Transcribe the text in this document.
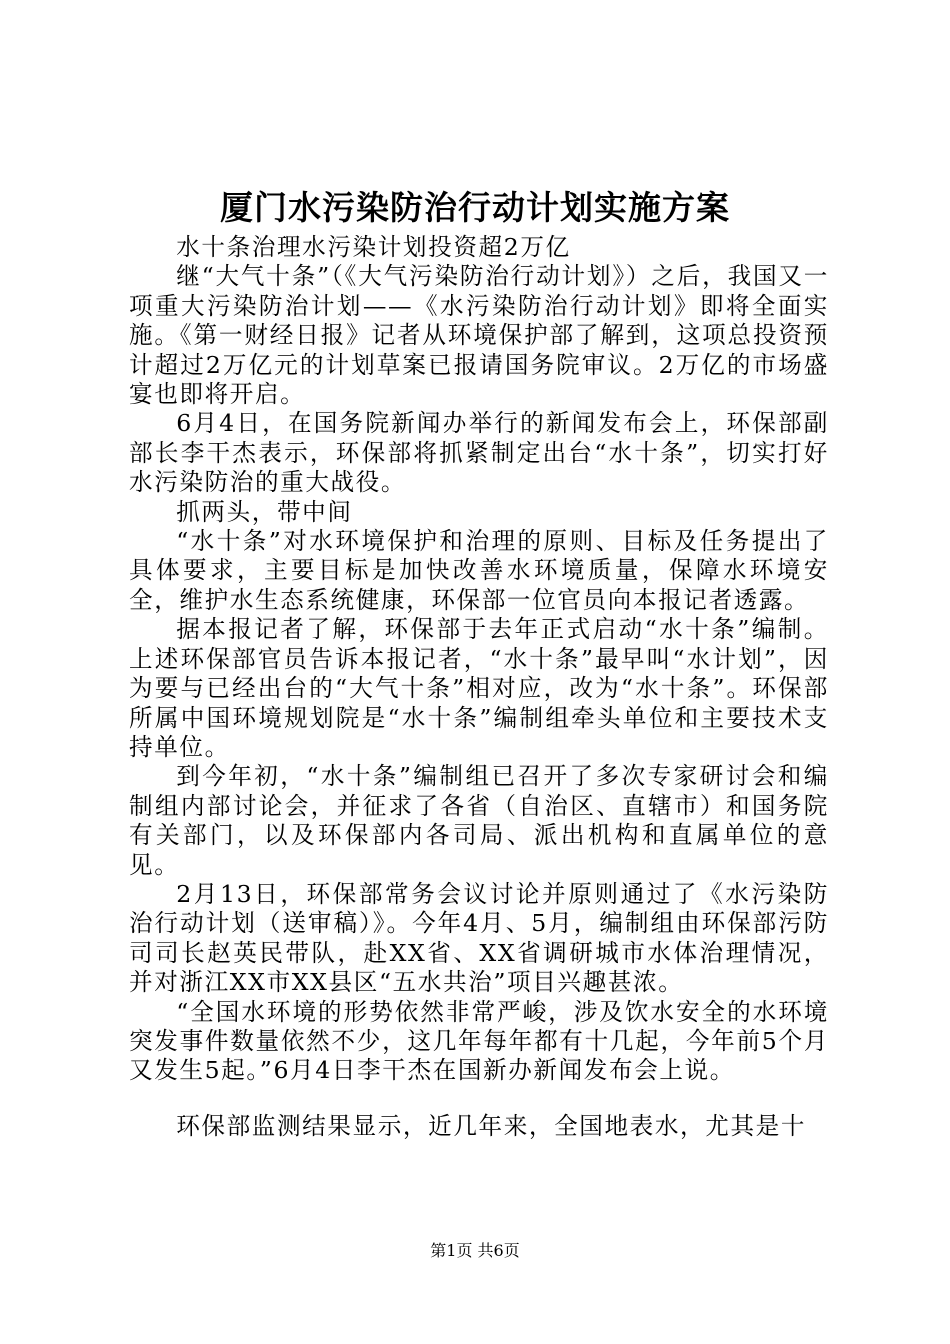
厦门水污染防治行动计划实施方案

水十条治理水污染计划投资超2万亿

继“大气十条”（《大气污染防治行动计划》）之后，我国又一项重大污染防治计划——《水污染防治行动计划》即将全面实施。《第一财经日报》记者从环境保护部了解到，这项总投资预计超过2万亿元的计划草案已报请国务院审议。2万亿的市场盛宴也即将开启。

6月4日，在国务院新闻办举行的新闻发布会上，环保部副部长李干杰表示，环保部将抓紧制定出台“水十条”，切实打好水污染防治的重大战役。

抓两头，带中间

“水十条”对水环境保护和治理的原则、目标及任务提出了具体要求，主要目标是加快改善水环境质量，保障水环境安全，维护水生态系统健康，环保部一位官员向本报记者透露。

据本报记者了解，环保部于去年正式启动“水十条”编制。上述环保部官员告诉本报记者，“水十条”最早叫“水计划”，因为要与已经出台的“大气十条”相对应，改为“水十条”。环保部所属中国环境规划院是“水十条”编制组牵头单位和主要技术支持单位。

到今年初，“水十条”编制组已召开了多次专家研讨会和编制组内部讨论会，并征求了各省（自治区、直辖市）和国务院有关部门，以及环保部内各司局、派出机构和直属单位的意见。

2月13日，环保部常务会议讨论并原则通过了《水污染防治行动计划（送审稿）》。今年4月、5月，编制组由环保部污防司司长赵英民带队，赴XX省、XX省调研城市水体治理情况，并对浙江XX市XX县区“五水共治”项目兴趣甚浓。

“全国水环境的形势依然非常严峻，涉及饮水安全的水环境突发事件数量依然不少，这几年每年都有十几起，今年前5个月又发生5起。”6月4日李干杰在国新办新闻发布会上说。

环保部监测结果显示，近几年来，全国地表水，尤其是十

第1页 共6页
